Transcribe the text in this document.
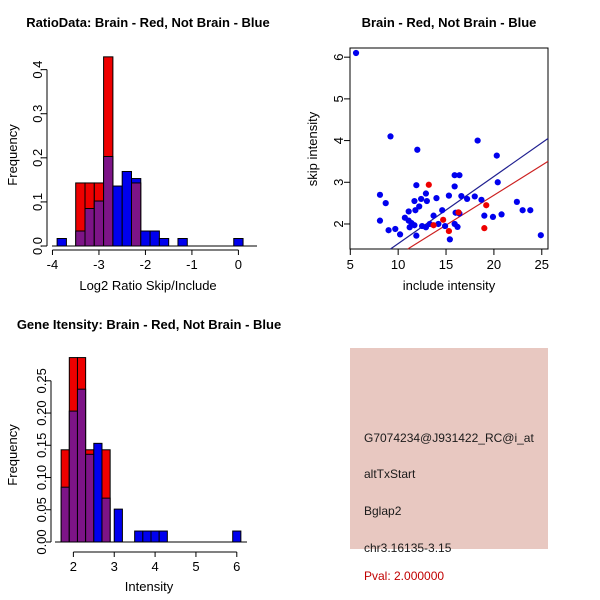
RatioData: Brain - Red, Not Brain - Blue
Log2 Ratio Skip/Include
Frequency
-4	-3	-2	-1	0
0.0
0.1
0.2
0.3
0.4
Brain - Red, Not Brain - Blue
include intensity
skip intensity
5	10	15	20	25
2
3
4
5
6
Gene Itensity: Brain - Red, Not Brain - Blue
Intensity
Frequency
2	3	4	5	6
0.00
0.05
0.10
0.15
0.20
0.25
G7074234@J931422_RC@i_at
altTxStart
Bglap2
chr3.16135-3.15
Pval: 2.000000
